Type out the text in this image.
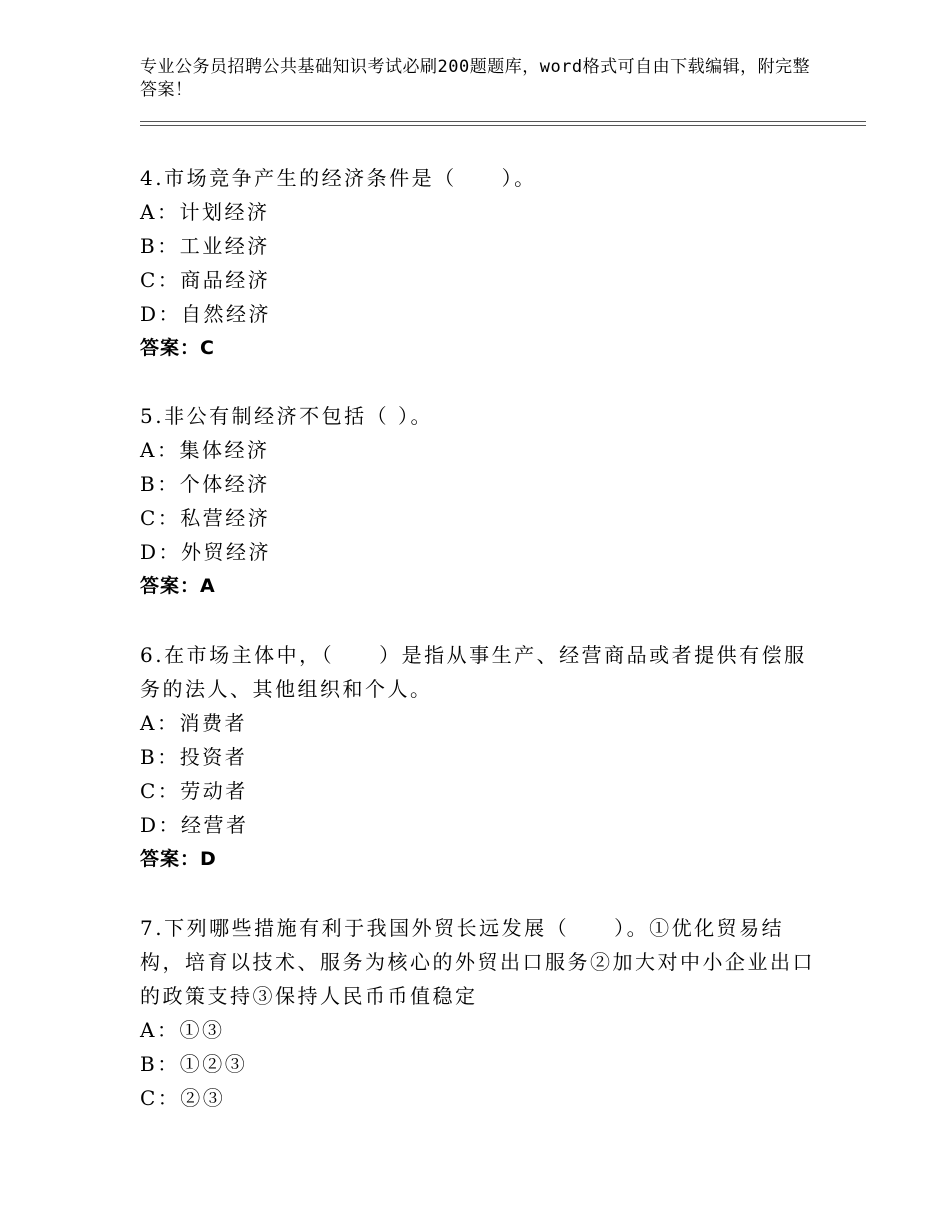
专业公务员招聘公共基础知识考试必刷200题题库，word格式可自由下载编辑，附完整答案！
4.市场竞争产生的经济条件是（　　）。
A：计划经济
B：工业经济
C：商品经济
D：自然经济
答案：C
5.非公有制经济不包括（ ）。
A：集体经济
B：个体经济
C：私营经济
D：外贸经济
答案：A
6.在市场主体中，（　　）是指从事生产、经营商品或者提供有偿服务的法人、其他组织和个人。
A：消费者
B：投资者
C：劳动者
D：经营者
答案：D
7.下列哪些措施有利于我国外贸长远发展（　　）。①优化贸易结构，培育以技术、服务为核心的外贸出口服务②加大对中小企业出口的政策支持③保持人民币币值稳定
A：①③
B：①②③
C：②③
